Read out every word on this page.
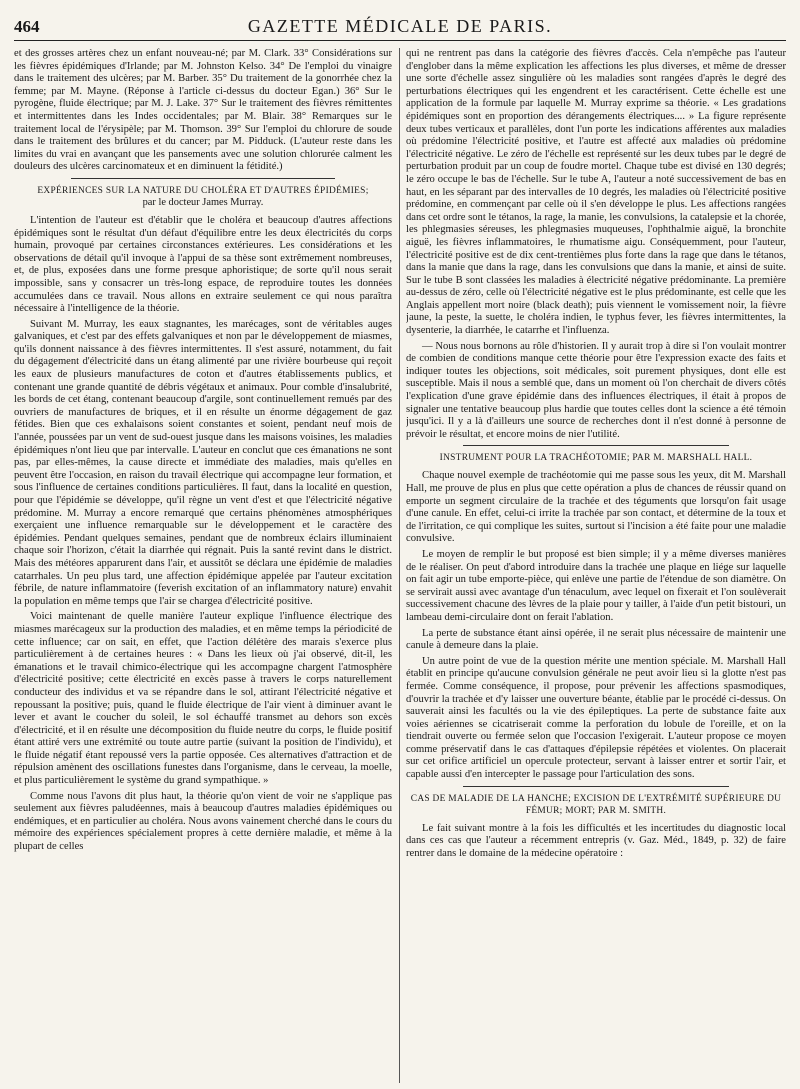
464	GAZETTE MÉDICALE DE PARIS.

et des grosses artères chez un enfant nouveau-né; par M. Clark. 33° Considérations sur les fièvres épidémiques d'Irlande; par M. Johnston Kelso. 34° De l'emploi du vinaigre dans le traitement des ulcères; par M. Barber. 35° Du traitement de la gonorrhée chez la femme; par M. Mayne. (Réponse à l'article ci-dessus du docteur Egan.) 36° Sur le pyrogène, fluide électrique; par M. J. Lake. 37° Sur le traitement des fièvres rémittentes et intermittentes dans les Indes occidentales; par M. Blair. 38° Remarques sur le traitement local de l'érysipèle; par M. Thomson. 39° Sur l'emploi du chlorure de soude dans le traitement des brûlures et du cancer; par M. Pidduck. (L'auteur reste dans les limites du vrai en avançant que les pansements avec une solution chlorurée calment les douleurs des ulcères carcinomateux et en diminuent la fétidité.)

EXPÉRIENCES SUR LA NATURE DU CHOLÉRA ET D'AUTRES ÉPIDÉMIES;
par le docteur James Murray.

L'intention de l'auteur est d'établir que le choléra et beaucoup d'autres affections épidémiques sont le résultat d'un défaut d'équilibre entre les deux électricités du corps humain, provoqué par certaines circonstances extérieures. Les considérations et les observations de détail qu'il invoque à l'appui de sa thèse sont extrêmement nombreuses, et, de plus, exposées dans une forme presque aphoristique; de sorte qu'il nous serait impossible, sans y consacrer un très-long espace, de reproduire toutes les données accumulées dans ce travail. Nous allons en extraire seulement ce qui nous paraîtra nécessaire à l'intelligence de la théorie.

Suivant M. Murray, les eaux stagnantes, les marécages, sont de véritables auges galvaniques, et c'est par des effets galvaniques et non par le développement de miasmes, qu'ils donnent naissance à des fièvres intermittentes. Il s'est assuré, notamment, du fait du dégagement d'électricité dans un étang alimenté par une rivière bourbeuse qui reçoit les eaux de plusieurs manufactures de coton et d'autres établissements publics, et contenant une grande quantité de débris végétaux et animaux. Pour comble d'insalubrité, les bords de cet étang, contenant beaucoup d'argile, sont continuellement remués par des ouvriers de manufactures de briques, et il en résulte un énorme dégagement de gaz fétides. Bien que ces exhalaisons soient constantes et soient, pendant neuf mois de l'année, poussées par un vent de sud-ouest jusque dans les maisons voisines, les maladies épidémiques n'ont lieu que par intervalle. L'auteur en conclut que ces émanations ne sont pas, par elles-mêmes, la cause directe et immédiate des maladies, mais qu'elles en peuvent être l'occasion, en raison du travail électrique qui accompagne leur formation, et sous l'influence de certaines conditions particulières. Il faut, dans la localité en question, pour que l'épidémie se développe, qu'il règne un vent d'est et que l'électricité négative prédomine. M. Murray a encore remarqué que certains phénomènes atmosphériques exerçaient une influence remarquable sur le développement et le caractère des épidémies. Pendant quelques semaines, pendant que de nombreux éclairs illuminaient chaque soir l'horizon, c'était la diarrhée qui régnait. Puis la santé revint dans le district. Mais des météores apparurent dans l'air, et aussitôt se déclara une épidémie de maladies catarrhales. Un peu plus tard, une affection épidémique appelée par l'auteur excitation fébrile, de nature inflammatoire (feverish excitation of an inflammatory nature) envahit la population en même temps que l'air se chargea d'électricité positive.

Voici maintenant de quelle manière l'auteur explique l'influence électrique des miasmes marécageux sur la production des maladies, et en même temps la périodicité de cette influence; car on sait, en effet, que l'action délétère des marais s'exerce plus particulièrement à de certaines heures : « Dans les lieux où j'ai observé, dit-il, les émanations et le travail chimico-électrique qui les accompagne chargent l'atmosphère d'électricité positive; cette électricité en excès passe à travers le corps naturellement conducteur des individus et va se répandre dans le sol, attirant l'électricité négative et repoussant la positive; puis, quand le fluide électrique de l'air vient à diminuer avant le lever et avant le coucher du soleil, le sol échauffé transmet au dehors son excès d'électricité, et il en résulte une décomposition du fluide neutre du corps, le fluide positif étant attiré vers une extrémité ou toute autre partie (suivant la position de l'individu), et le fluide négatif étant repoussé vers la partie opposée. Ces alternatives d'attraction et de répulsion amènent des oscillations funestes dans l'organisme, dans le cerveau, la moelle, et plus particulièrement le système du grand sympathique. »

Comme nous l'avons dit plus haut, la théorie qu'on vient de voir ne s'applique pas seulement aux fièvres paludéennes, mais à beaucoup d'autres maladies épidémiques ou endémiques, et en particulier au choléra. Nous avons vainement cherché dans le cours du mémoire des expériences spécialement propres à cette dernière maladie, et même à la plupart de celles

qui ne rentrent pas dans la catégorie des fièvres d'accès. Cela n'empêche pas l'auteur d'englober dans la même explication les affections les plus diverses, et même de dresser une sorte d'échelle assez singulière où les maladies sont rangées d'après le degré des perturbations électriques qui les engendrent et les caractérisent. Cette échelle est une application de la formule par laquelle M. Murray exprime sa théorie. « Les gradations épidémiques sont en proportion des dérangements électriques.... » La figure représente deux tubes verticaux et parallèles, dont l'un porte les indications afférentes aux maladies où prédomine l'électricité positive, et l'autre est affecté aux maladies où prédomine l'électricité négative. Le zéro de l'échelle est représenté sur les deux tubes par le degré de perturbation produit par un coup de foudre mortel. Chaque tube est divisé en 130 degrés; le zéro occupe le bas de l'échelle. Sur le tube A, l'auteur a noté successivement de bas en haut, en les séparant par des intervalles de 10 degrés, les maladies où l'électricité positive prédomine, en commençant par celle où il s'en développe le plus. Les affections rangées dans cet ordre sont le tétanos, la rage, la manie, les convulsions, la catalepsie et la chorée, les phlegmasies séreuses, les phlegmasies muqueuses, l'ophthalmie aiguë, la bronchite aiguë, les fièvres inflammatoires, le rhumatisme aigu. Conséquemment, pour l'auteur, l'électricité positive est de dix cent-trentièmes plus forte dans la rage que dans le tétanos, dans la manie que dans la rage, dans les convulsions que dans la manie, et ainsi de suite. Sur le tube B sont classées les maladies à électricité négative prédominante. La première au-dessus de zéro, celle où l'électricité négative est le plus prédominante, est celle que les Anglais appellent mort noire (black death); puis viennent le vomissement noir, la fièvre jaune, la peste, la suette, le choléra indien, le typhus fever, les fièvres intermittentes, la dysenterie, la diarrhée, le catarrhe et l'influenza.

— Nous nous bornons au rôle d'historien. Il y aurait trop à dire si l'on voulait montrer de combien de conditions manque cette théorie pour être l'expression exacte des faits et indiquer toutes les objections, soit médicales, soit purement physiques, dont elle est susceptible. Mais il nous a semblé que, dans un moment où l'on cherchait de divers côtés l'explication d'une grave épidémie dans des influences électriques, il était à propos de signaler une tentative beaucoup plus hardie que toutes celles dont la science a été témoin jusqu'ici. Il y a là d'ailleurs une source de recherches dont il n'est donné à personne de prévoir le résultat, et encore moins de nier l'utilité.

INSTRUMENT POUR LA TRACHÉOTOMIE; PAR M. MARSHALL HALL.

Chaque nouvel exemple de trachéotomie qui me passe sous les yeux, dit M. Marshall Hall, me prouve de plus en plus que cette opération a plus de chances de réussir quand on emporte un segment circulaire de la trachée et des téguments que lorsqu'on fait usage d'une canule. En effet, celui-ci irrite la trachée par son contact, et détermine de la toux et de l'irritation, ce qui complique les suites, surtout si l'incision a été faite pour une maladie convulsive.

Le moyen de remplir le but proposé est bien simple; il y a même diverses manières de le réaliser. On peut d'abord introduire dans la trachée une plaque en liége sur laquelle on fait agir un tube emporte-pièce, qui enlève une partie de l'étendue de son diamètre. On se servirait aussi avec avantage d'un ténaculum, avec lequel on fixerait et l'on soulèverait successivement chacune des lèvres de la plaie pour y tailler, à l'aide d'un petit bistouri, un lambeau demi-circulaire dont on ferait l'ablation.

La perte de substance étant ainsi opérée, il ne serait plus nécessaire de maintenir une canule à demeure dans la plaie.

Un autre point de vue de la question mérite une mention spéciale. M. Marshall Hall établit en principe qu'aucune convulsion générale ne peut avoir lieu si la glotte n'est pas fermée. Comme conséquence, il propose, pour prévenir les affections spasmodiques, d'ouvrir la trachée et d'y laisser une ouverture béante, établie par le procédé ci-dessus. On sauverait ainsi les facultés ou la vie des épileptiques. La perte de substance faite aux voies aériennes se cicatriserait comme la perforation du lobule de l'oreille, et on la tiendrait ouverte ou fermée selon que l'occasion l'exigerait. L'auteur propose ce moyen comme préservatif dans le cas d'attaques d'épilepsie répétées et violentes. On placerait sur cet orifice artificiel un opercule protecteur, servant à laisser entrer et sortir l'air, et capable aussi d'en intercepter le passage pour l'articulation des sons.

CAS DE MALADIE DE LA HANCHE; EXCISION DE L'EXTRÉMITÉ SUPÉRIEURE DU FÉMUR; MORT; PAR M. SMITH.

Le fait suivant montre à la fois les difficultés et les incertitudes du diagnostic local dans ces cas que l'auteur a récemment entrepris (v. Gaz. Méd., 1849, p. 32) de faire rentrer dans le domaine de la médecine opératoire :
